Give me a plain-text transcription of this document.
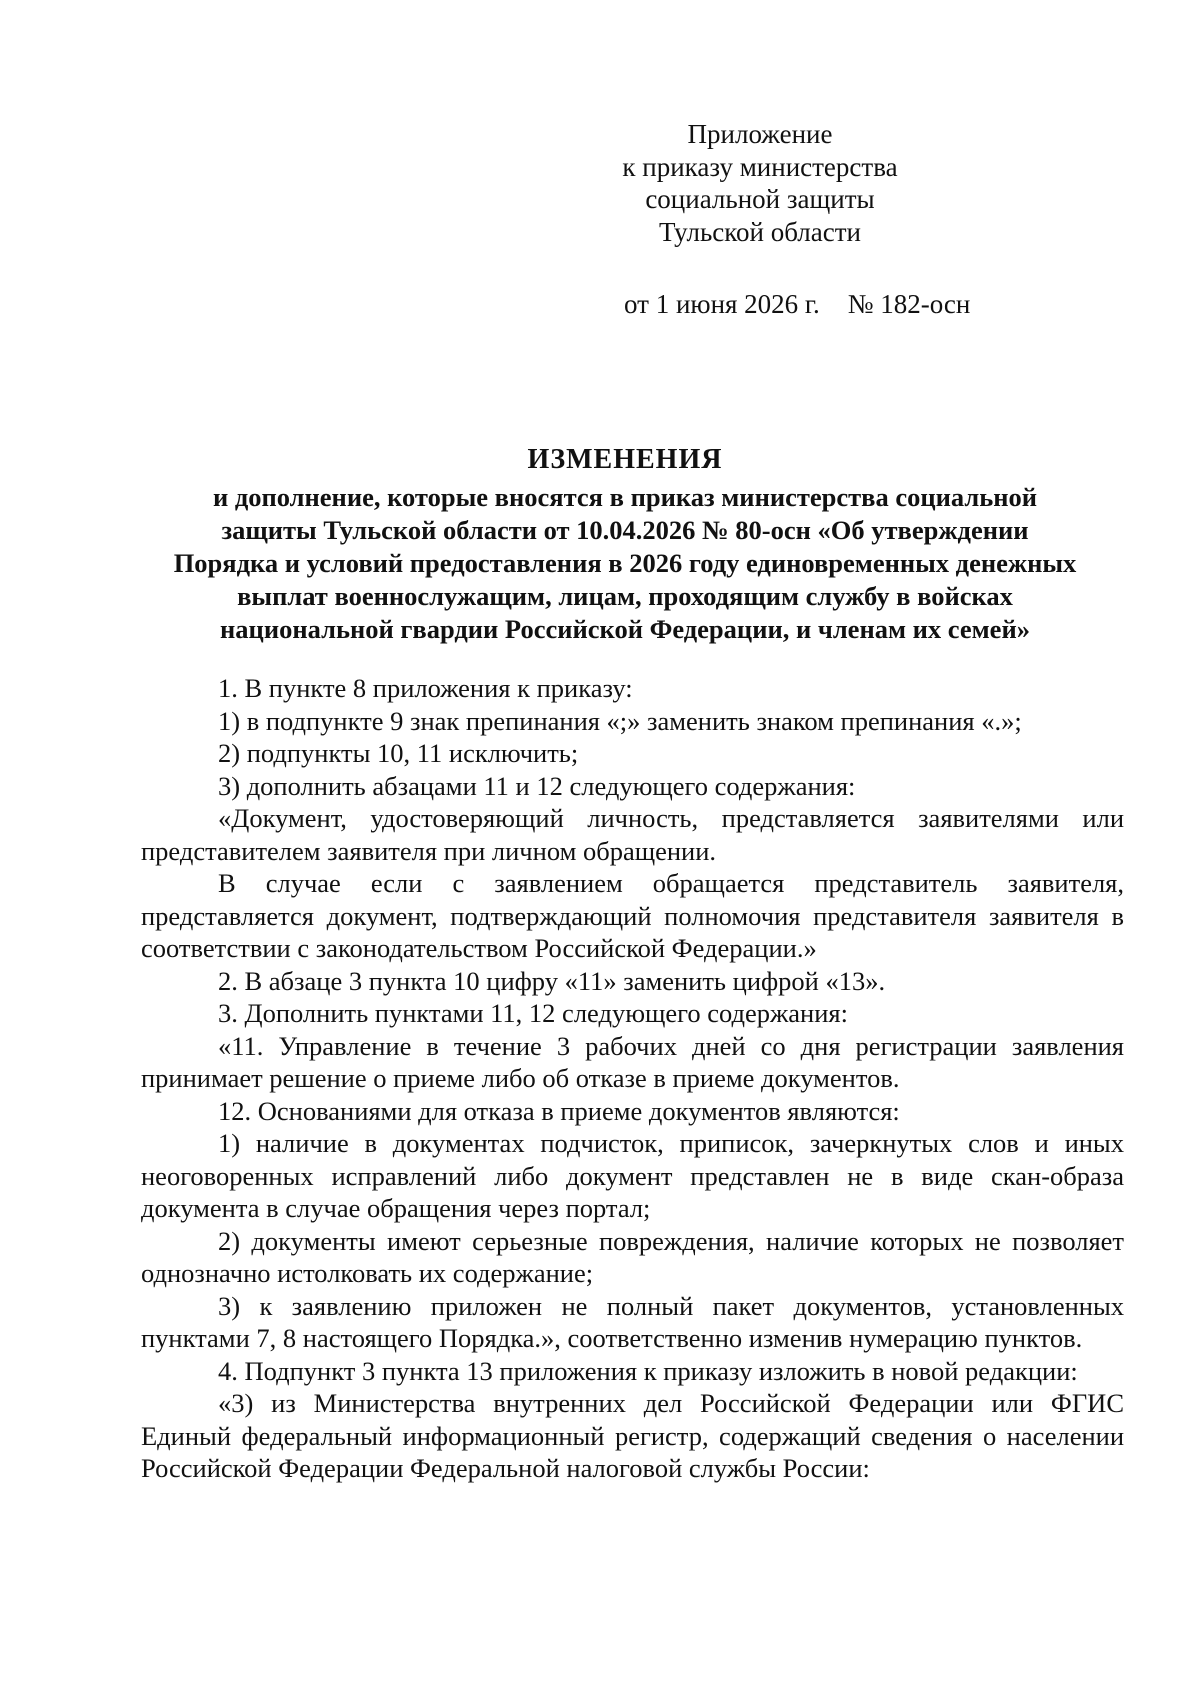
Приложение
к приказу министерства
социальной защиты
Тульской области
от 1 июня 2026 г. № 182-осн
ИЗМЕНЕНИЯ
и дополнение, которые вносятся в приказ министерства социальной
защиты Тульской области от 10.04.2026 № 80-осн «Об утверждении
Порядка и условий предоставления в 2026 году единовременных денежных
выплат военнослужащим, лицам, проходящим службу в войсках
национальной гвардии Российской Федерации, и членам их семей»

1. В пункте 8 приложения к приказу:

1) в подпункте 9 знак препинания «;» заменить знаком препинания «.»;

2) подпункты 10, 11 исключить;

3) дополнить абзацами 11 и 12 следующего содержания:

«Документ, удостоверяющий личность, представляется заявителями или представителем заявителя при личном обращении.

В случае если с заявлением обращается представитель заявителя, представляется документ, подтверждающий полномочия представителя заявителя в соответствии с законодательством Российской Федерации.»

2. В абзаце 3 пункта 10 цифру «11» заменить цифрой «13».

3. Дополнить пунктами 11, 12 следующего содержания:

«11. Управление в течение 3 рабочих дней со дня регистрации заявления принимает решение о приеме либо об отказе в приеме документов.

12. Основаниями для отказа в приеме документов являются:

1) наличие в документах подчисток, приписок, зачеркнутых слов и иных неоговоренных исправлений либо документ представлен не в виде скан-образа документа в случае обращения через портал;

2) документы имеют серьезные повреждения, наличие которых не позволяет однозначно истолковать их содержание;

3) к заявлению приложен не полный пакет документов, установленных пунктами 7, 8 настоящего Порядка.», соответственно изменив нумерацию пунктов.

4. Подпункт 3 пункта 13 приложения к приказу изложить в новой редакции:

«3) из Министерства внутренних дел Российской Федерации или ФГИС Единый федеральный информационный регистр, содержащий сведения о населении Российской Федерации Федеральной налоговой службы России:
